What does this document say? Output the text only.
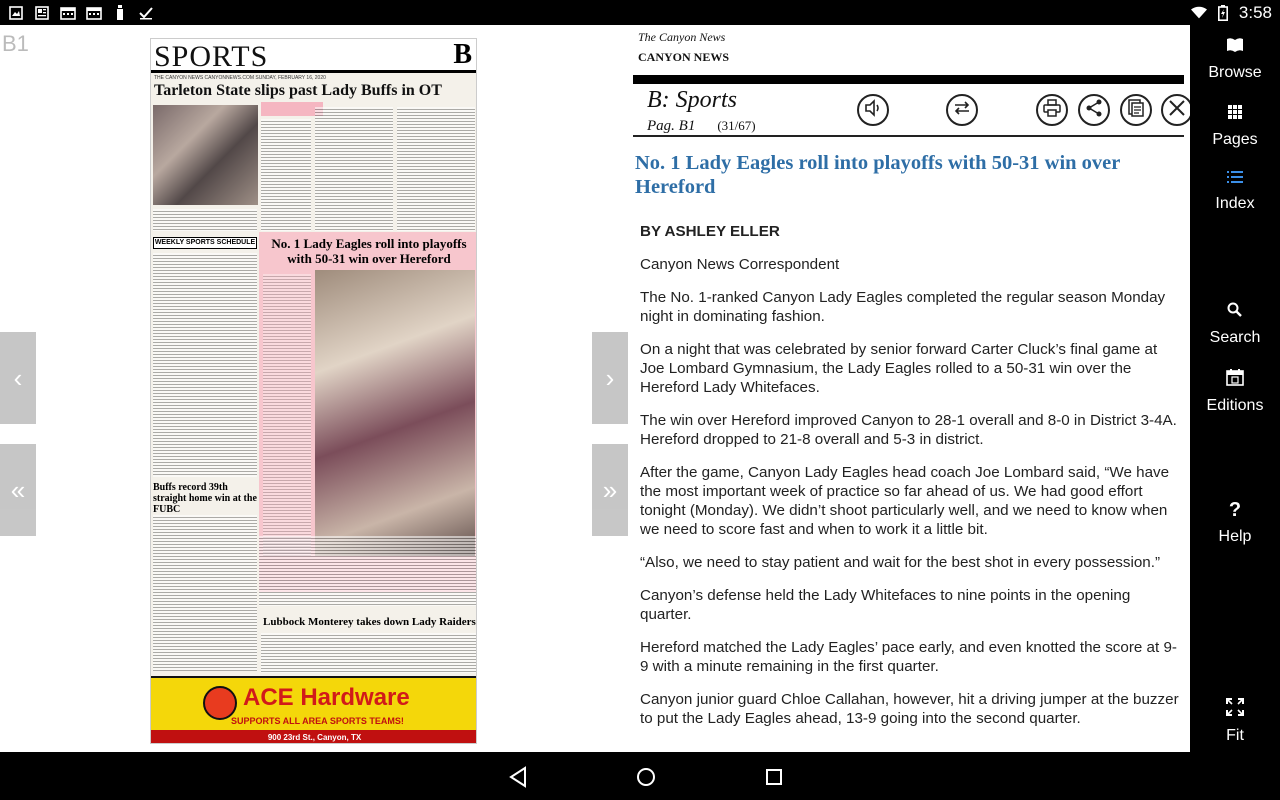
3:58
B1	SPORTS	B
THE CANYON NEWS CANYONNEWS.COM SUNDAY, FEBRUARY 16, 2020
Tarleton State slips past Lady Buffs in OT
WEEKLY SPORTS SCHEDULE	No. 1 Lady Eagles roll into playoffs with 50-31 win over Hereford
Buffs record 39th straight home win at the FUBC
Lubbock Monterey takes down Lady Raiders
ACE Hardware
SUPPORTS ALL AREA SPORTS TEAMS!
900 23rd St., Canyon, TX
‹
«
›
»
The Canyon News
CANYON NEWS
B: Sports
Pag. B1 (31/67)
No. 1 Lady Eagles roll into playoffs with 50-31 win over Hereford

BY ASHLEY ELLER

Canyon News Correspondent

The No. 1-ranked Canyon Lady Eagles completed the regular season Monday night in dominating fashion.

On a night that was celebrated by senior forward Carter Cluck’s final game at Joe Lombard Gymnasium, the Lady Eagles rolled to a 50-31 win over the Hereford Lady Whitefaces.

The win over Hereford improved Canyon to 28-1 overall and 8-0 in District 3-4A. Hereford dropped to 21-8 overall and 5-3 in district.

After the game, Canyon Lady Eagles head coach Joe Lombard said, “We have the most important week of practice so far ahead of us. We had good effort tonight (Monday). We didn’t shoot particularly well, and we need to know when we need to score fast and when to work it a little bit.

“Also, we need to stay patient and wait for the best shot in every possession.”

Canyon’s defense held the Lady Whitefaces to nine points in the opening quarter.

Hereford matched the Lady Eagles’ pace early, and even knotted the score at 9-9 with a minute remaining in the first quarter.

Canyon junior guard Chloe Callahan, however, hit a driving jumper at the buzzer to put the Lady Eagles ahead, 13-9 going into the second quarter.

Browse
Pages
Index
Search
Editions
?
Help
Fit
